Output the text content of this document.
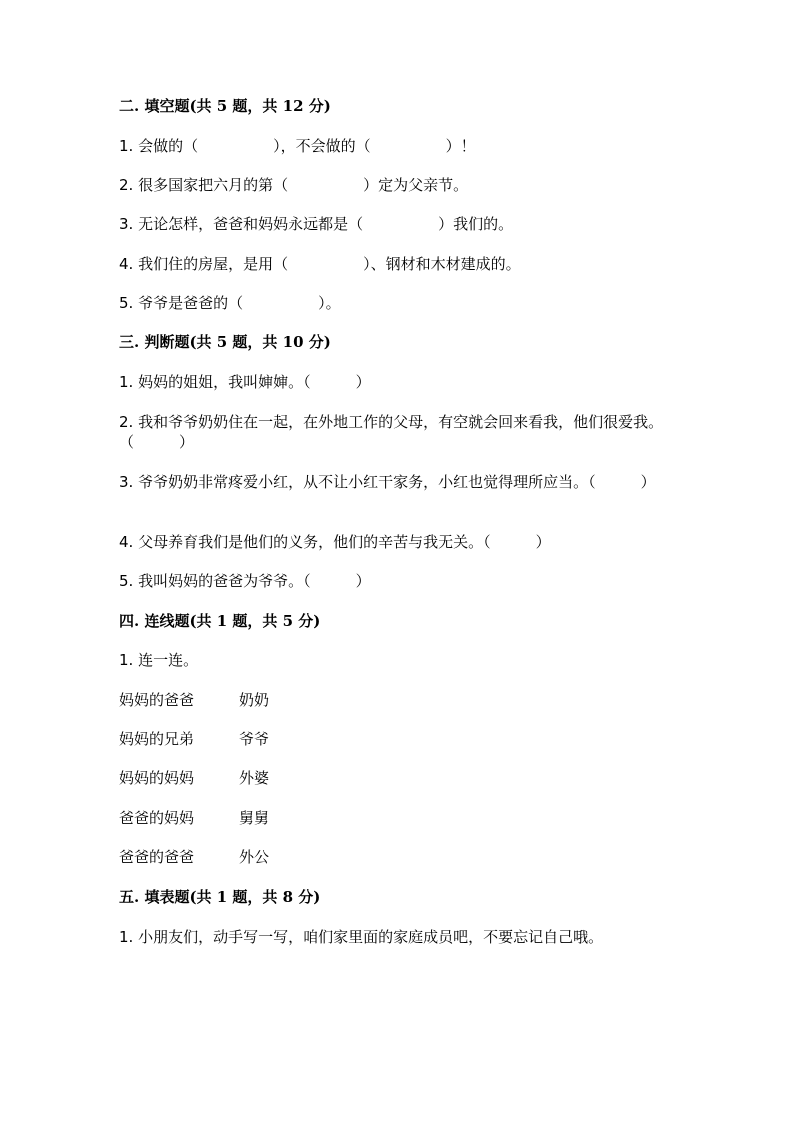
二. 填空题(共 5 题，共 12 分)
1. 会做的（　　　　　），不会做的（　　　　　）！
2. 很多国家把六月的第（　　　　　）定为父亲节。
3. 无论怎样，爸爸和妈妈永远都是（　　　　　）我们的。
4. 我们住的房屋，是用（　　　　　）、钢材和木材建成的。
5. 爷爷是爸爸的（　　　　　）。
三. 判断题(共 5 题，共 10 分)
1. 妈妈的姐姐，我叫婶婶。（　　　）
2. 我和爷爷奶奶住在一起，在外地工作的父母，有空就会回来看我，他们很爱我。（　　　）
3. 爷爷奶奶非常疼爱小红，从不让小红干家务，小红也觉得理所应当。（　　　）
4. 父母养育我们是他们的义务，他们的辛苦与我无关。（　　　）
5. 我叫妈妈的爸爸为爷爷。（　　　）
四. 连线题(共 1 题，共 5 分)
1. 连一连。
妈妈的爸爸	奶奶
妈妈的兄弟	爷爷
妈妈的妈妈	外婆
爸爸的妈妈	舅舅
爸爸的爸爸	外公
五. 填表题(共 1 题，共 8 分)
1. 小朋友们，动手写一写，咱们家里面的家庭成员吧，不要忘记自己哦。
